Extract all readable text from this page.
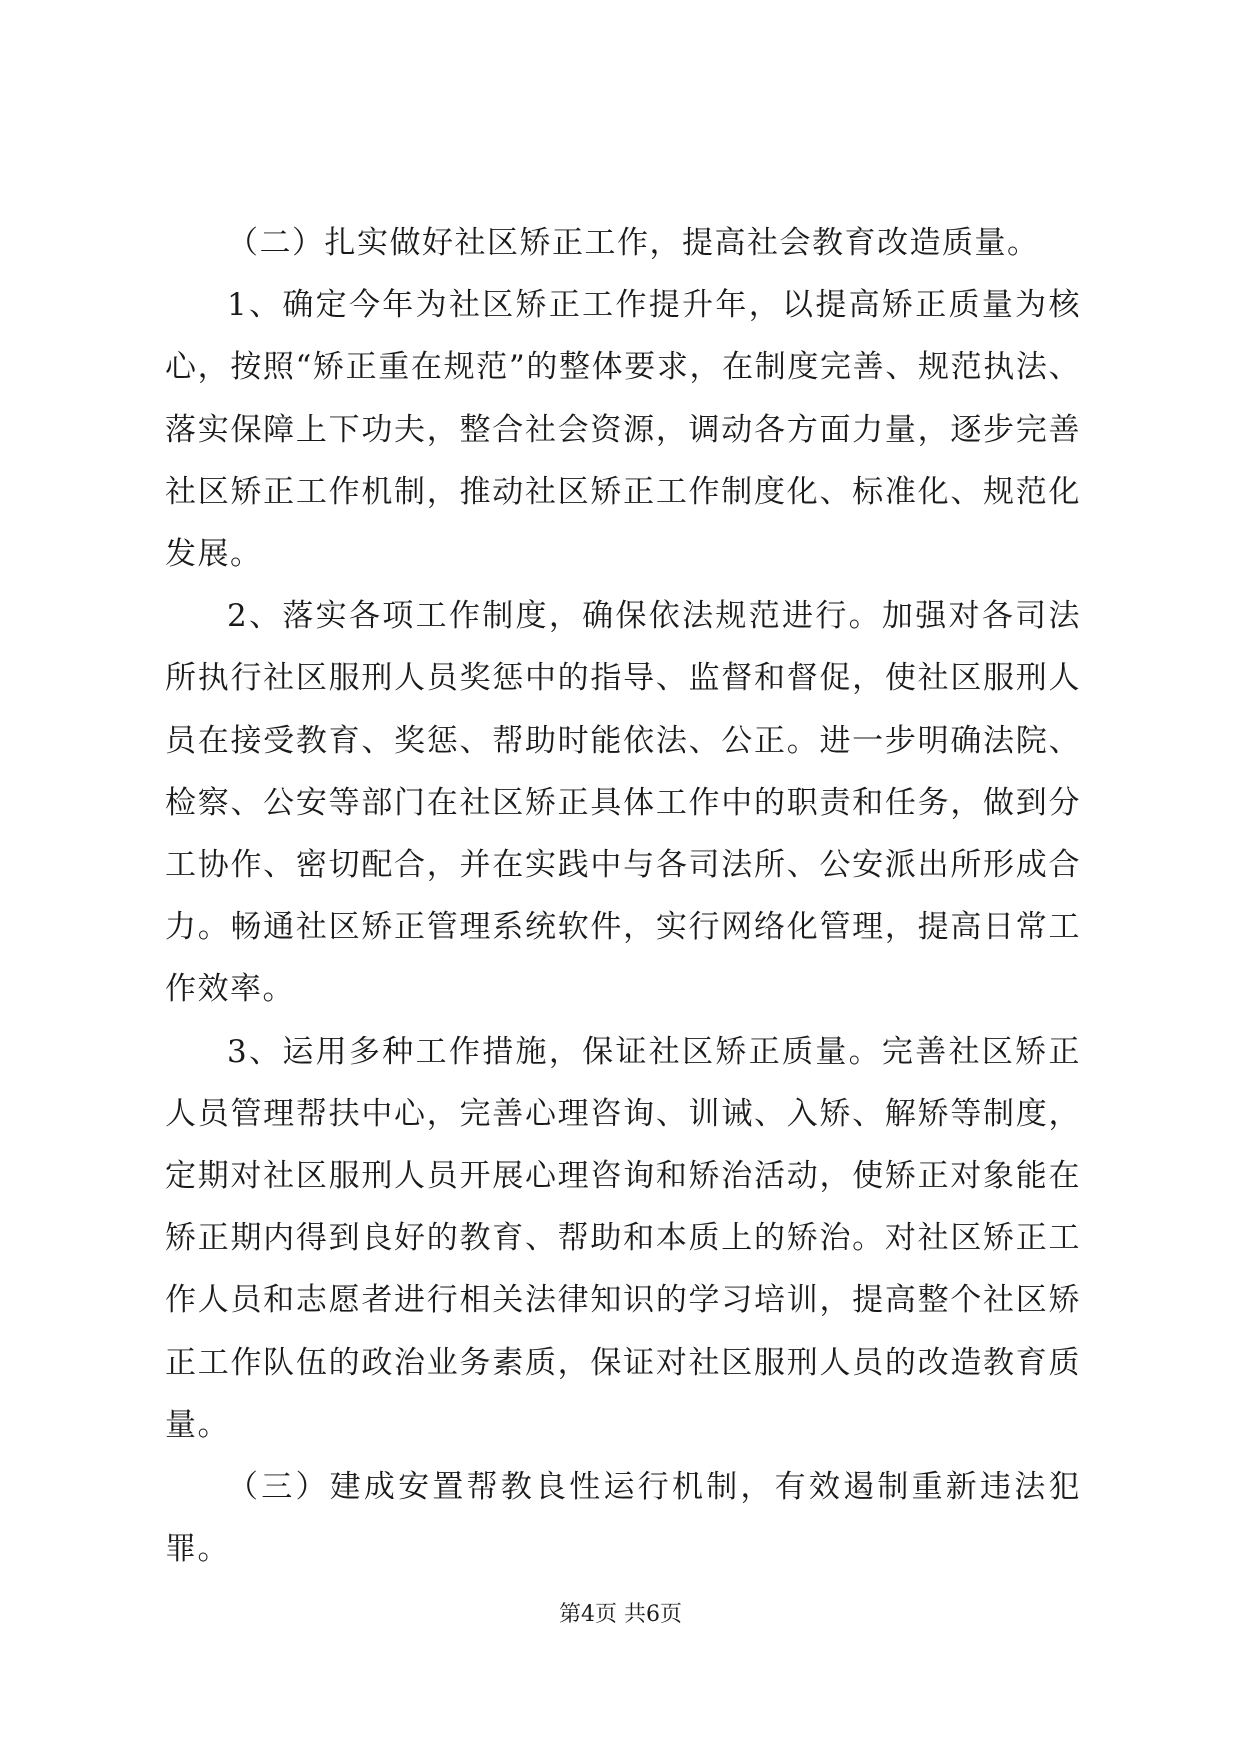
（二）扎实做好社区矫正工作，提高社会教育改造质量。

1、确定今年为社区矫正工作提升年，以提高矫正质量为核心，按照“矫正重在规范”的整体要求，在制度完善、规范执法、落实保障上下功夫，整合社会资源，调动各方面力量，逐步完善社区矫正工作机制，推动社区矫正工作制度化、标准化、规范化发展。

2、落实各项工作制度，确保依法规范进行。加强对各司法所执行社区服刑人员奖惩中的指导、监督和督促，使社区服刑人员在接受教育、奖惩、帮助时能依法、公正。进一步明确法院、检察、公安等部门在社区矫正具体工作中的职责和任务，做到分工协作、密切配合，并在实践中与各司法所、公安派出所形成合力。畅通社区矫正管理系统软件，实行网络化管理，提高日常工作效率。

3、运用多种工作措施，保证社区矫正质量。完善社区矫正人员管理帮扶中心，完善心理咨询、训诫、入矫、解矫等制度，定期对社区服刑人员开展心理咨询和矫治活动，使矫正对象能在矫正期内得到良好的教育、帮助和本质上的矫治。对社区矫正工作人员和志愿者进行相关法律知识的学习培训，提高整个社区矫正工作队伍的政治业务素质，保证对社区服刑人员的改造教育质量。

（三）建成安置帮教良性运行机制，有效遏制重新违法犯罪。

第4页 共6页
